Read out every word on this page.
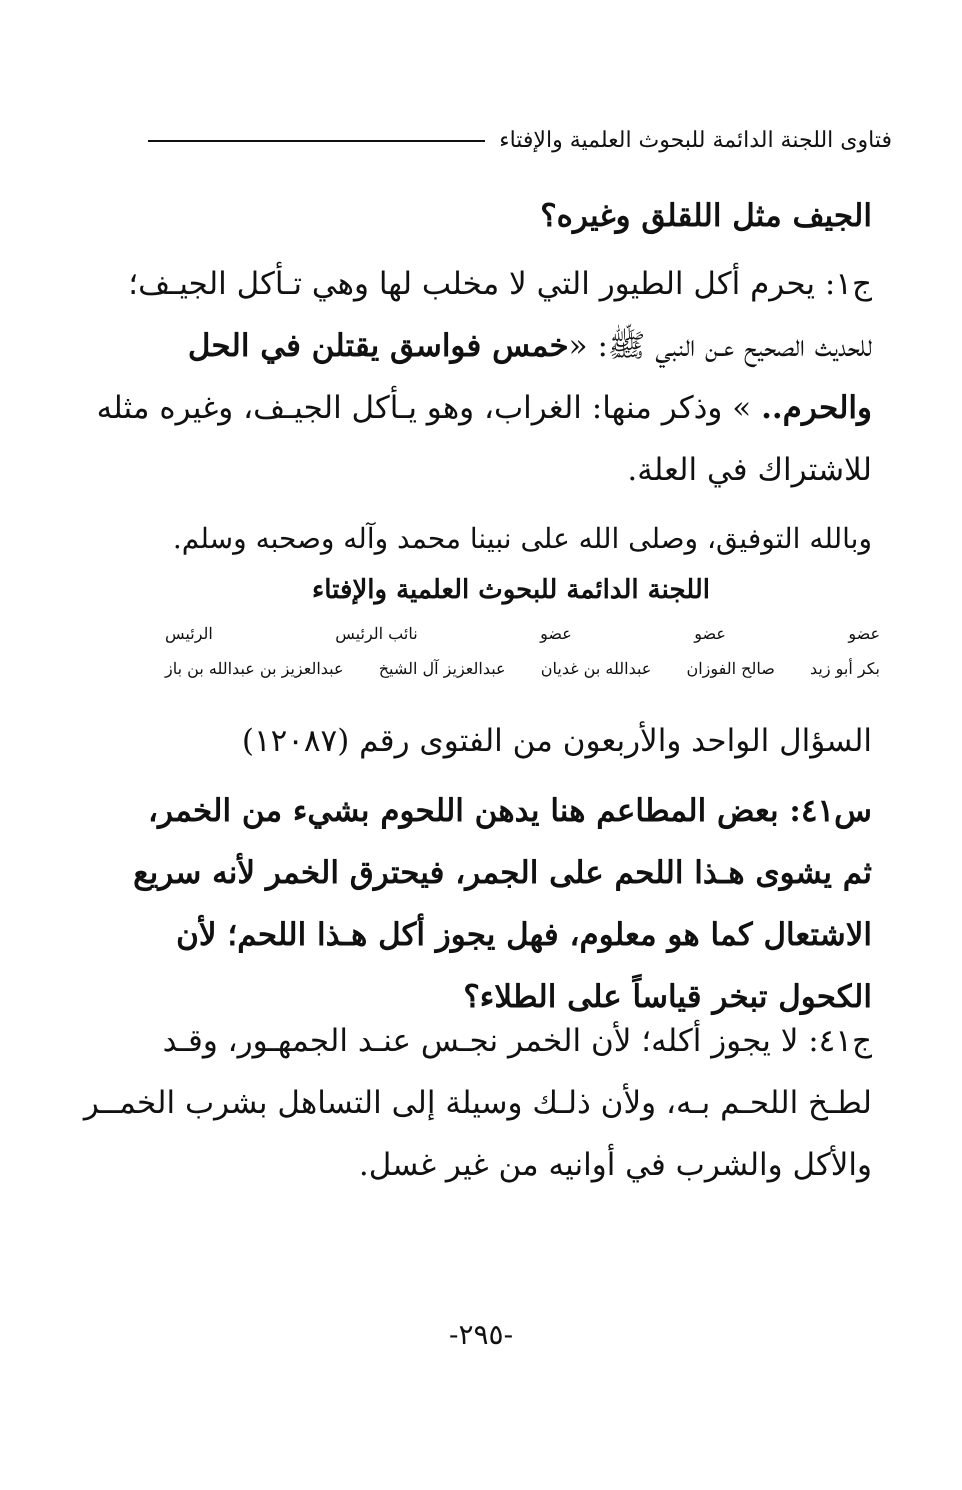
فتاوى اللجنة الدائمة للبحوث العلمية والإفتاء
الجيف مثل اللقلق وغيره؟
ج١: يحرم أكل الطيور التي لا مخلب لها وهي تـأكل الجيـف؛
للحديث الصحيح عـن النبي ﷺ: «خمس فواسق يقتلن في الحل
والحرم.. » وذكر منها: الغراب، وهو يـأكل الجيـف، وغيره مثله
للاشتراك في العلة.
وبالله التوفيق، وصلى الله على نبينا محمد وآله وصحبه وسلم.
اللجنة الدائمة للبحوث العلمية والإفتاء
عضو
عضو
عضو
نائب الرئيس
الرئيس
بكر أبو زيد
صالح الفوزان
عبدالله بن غديان
عبدالعزيز آل الشيخ
عبدالعزيز بن عبدالله بن باز
السؤال الواحد والأربعون من الفتوى رقم (١٢٠٨٧)
س٤١: بعض المطاعم هنا يدهن اللحوم بشيء من الخمر،
ثم يشوى هـذا اللحم على الجمر، فيحترق الخمر لأنه سريع
الاشتعال كما هو معلوم، فهل يجوز أكل هـذا اللحم؛ لأن
الكحول تبخر قياساً على الطلاء؟
ج٤١: لا يجوز أكله؛ لأن الخمر نجـس عنـد الجمهـور، وقـد
لطـخ اللحـم بـه، ولأن ذلـك وسيلة إلى التساهل بشرب الخمــر
والأكل والشرب في أوانيه من غير غسل.
-٢٩٥-
